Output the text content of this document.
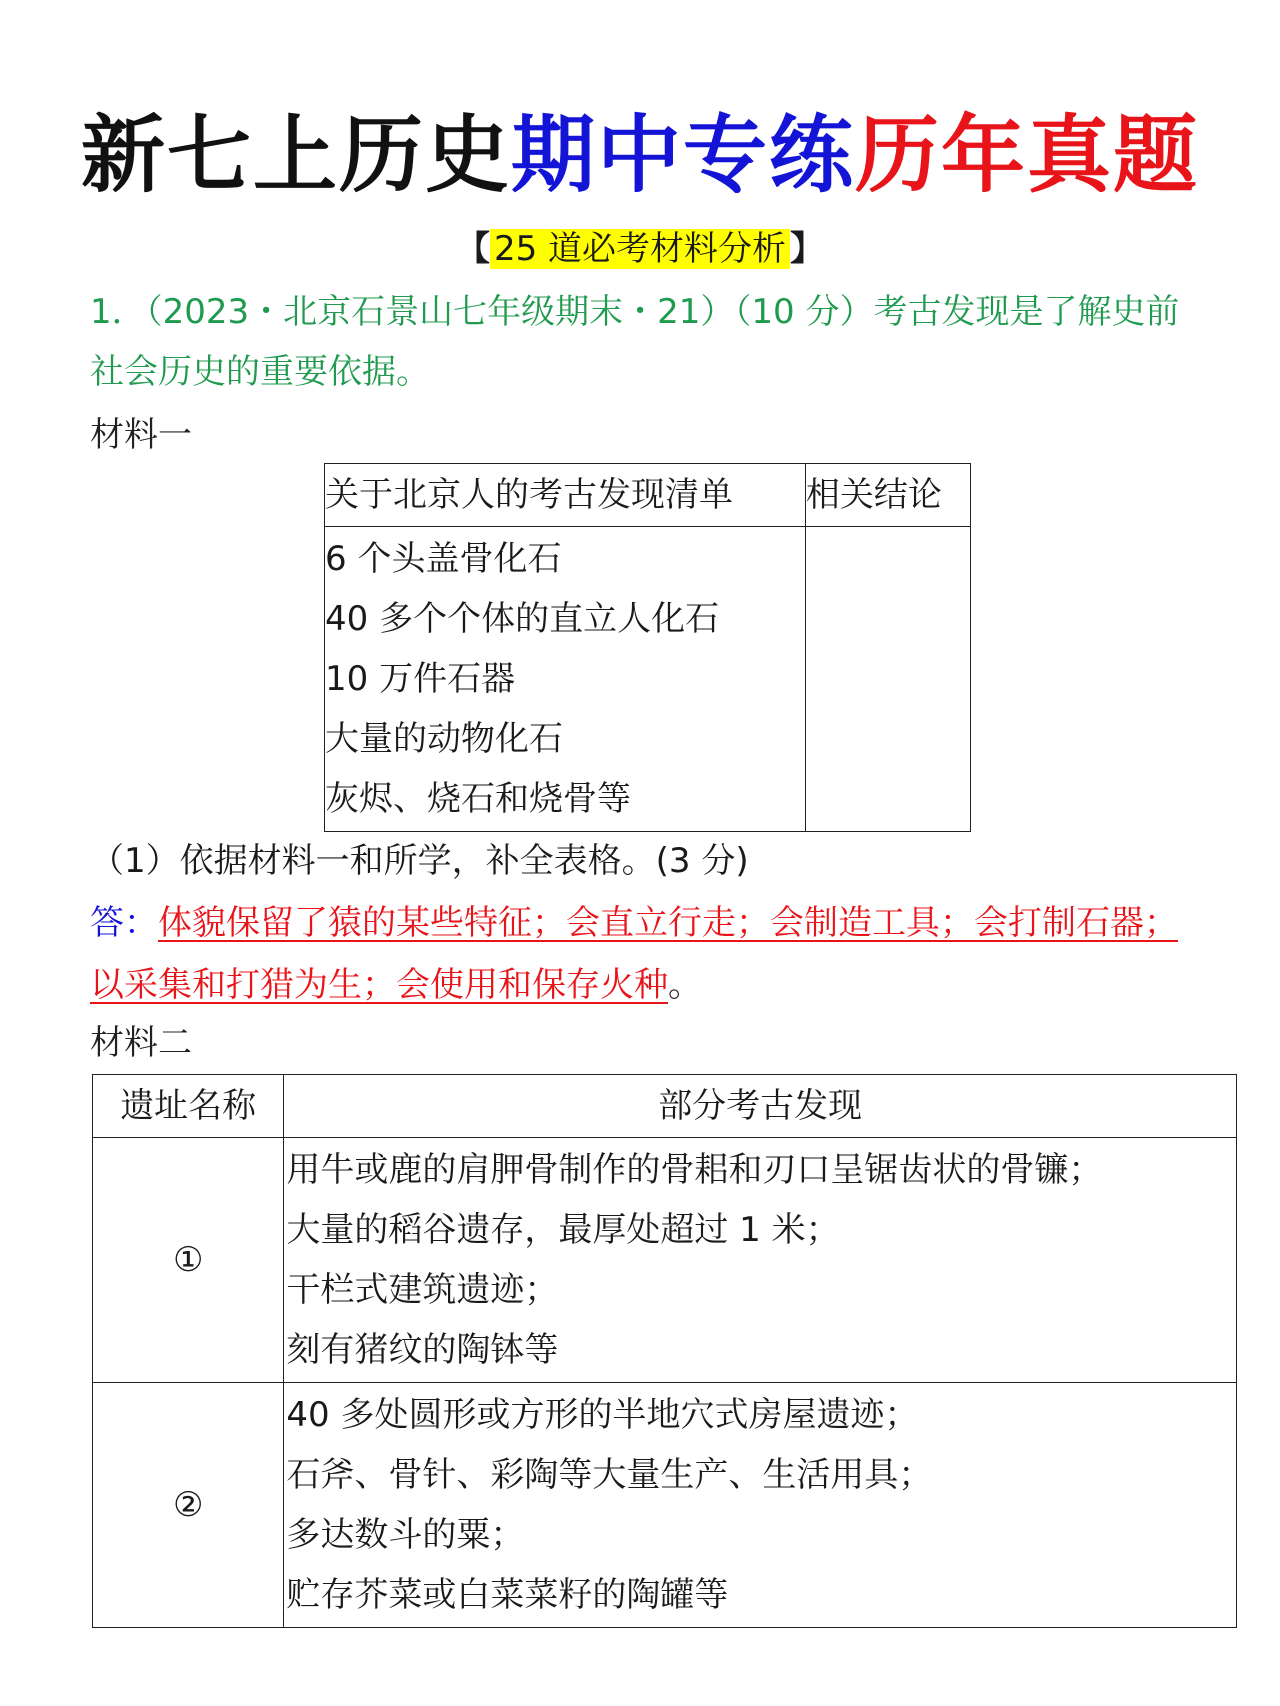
新七上历史期中专练历年真题
【 25 道必考材料分析 】
1．（2023・北京石景山七年级期末・21）（10 分）考古发现是了解史前社会历史的重要依据。
材料一
关于北京人的考古发现清单	相关结论

6 个头盖骨化石
40 多个个体的直立人化石
10 万件石器
大量的动物化石
灰烬、烧石和烧骨等	

（1）依据材料一和所学，补全表格。(3 分)
答：体貌保留了猿的某些特征；会直立行走；会制造工具；会打制石器；以采集和打猎为生；会使用和保存火种。
材料二
遗址名称	部分考古发现
①	用牛或鹿的肩胛骨制作的骨耜和刃口呈锯齿状的骨镰；
大量的稻谷遗存，最厚处超过 1 米；
干栏式建筑遗迹；
刻有猪纹的陶钵等

②	40 多处圆形或方形的半地穴式房屋遗迹；
石斧、骨针、彩陶等大量生产、生活用具；
多达数斗的粟；
贮存芥菜或白菜菜籽的陶罐等
